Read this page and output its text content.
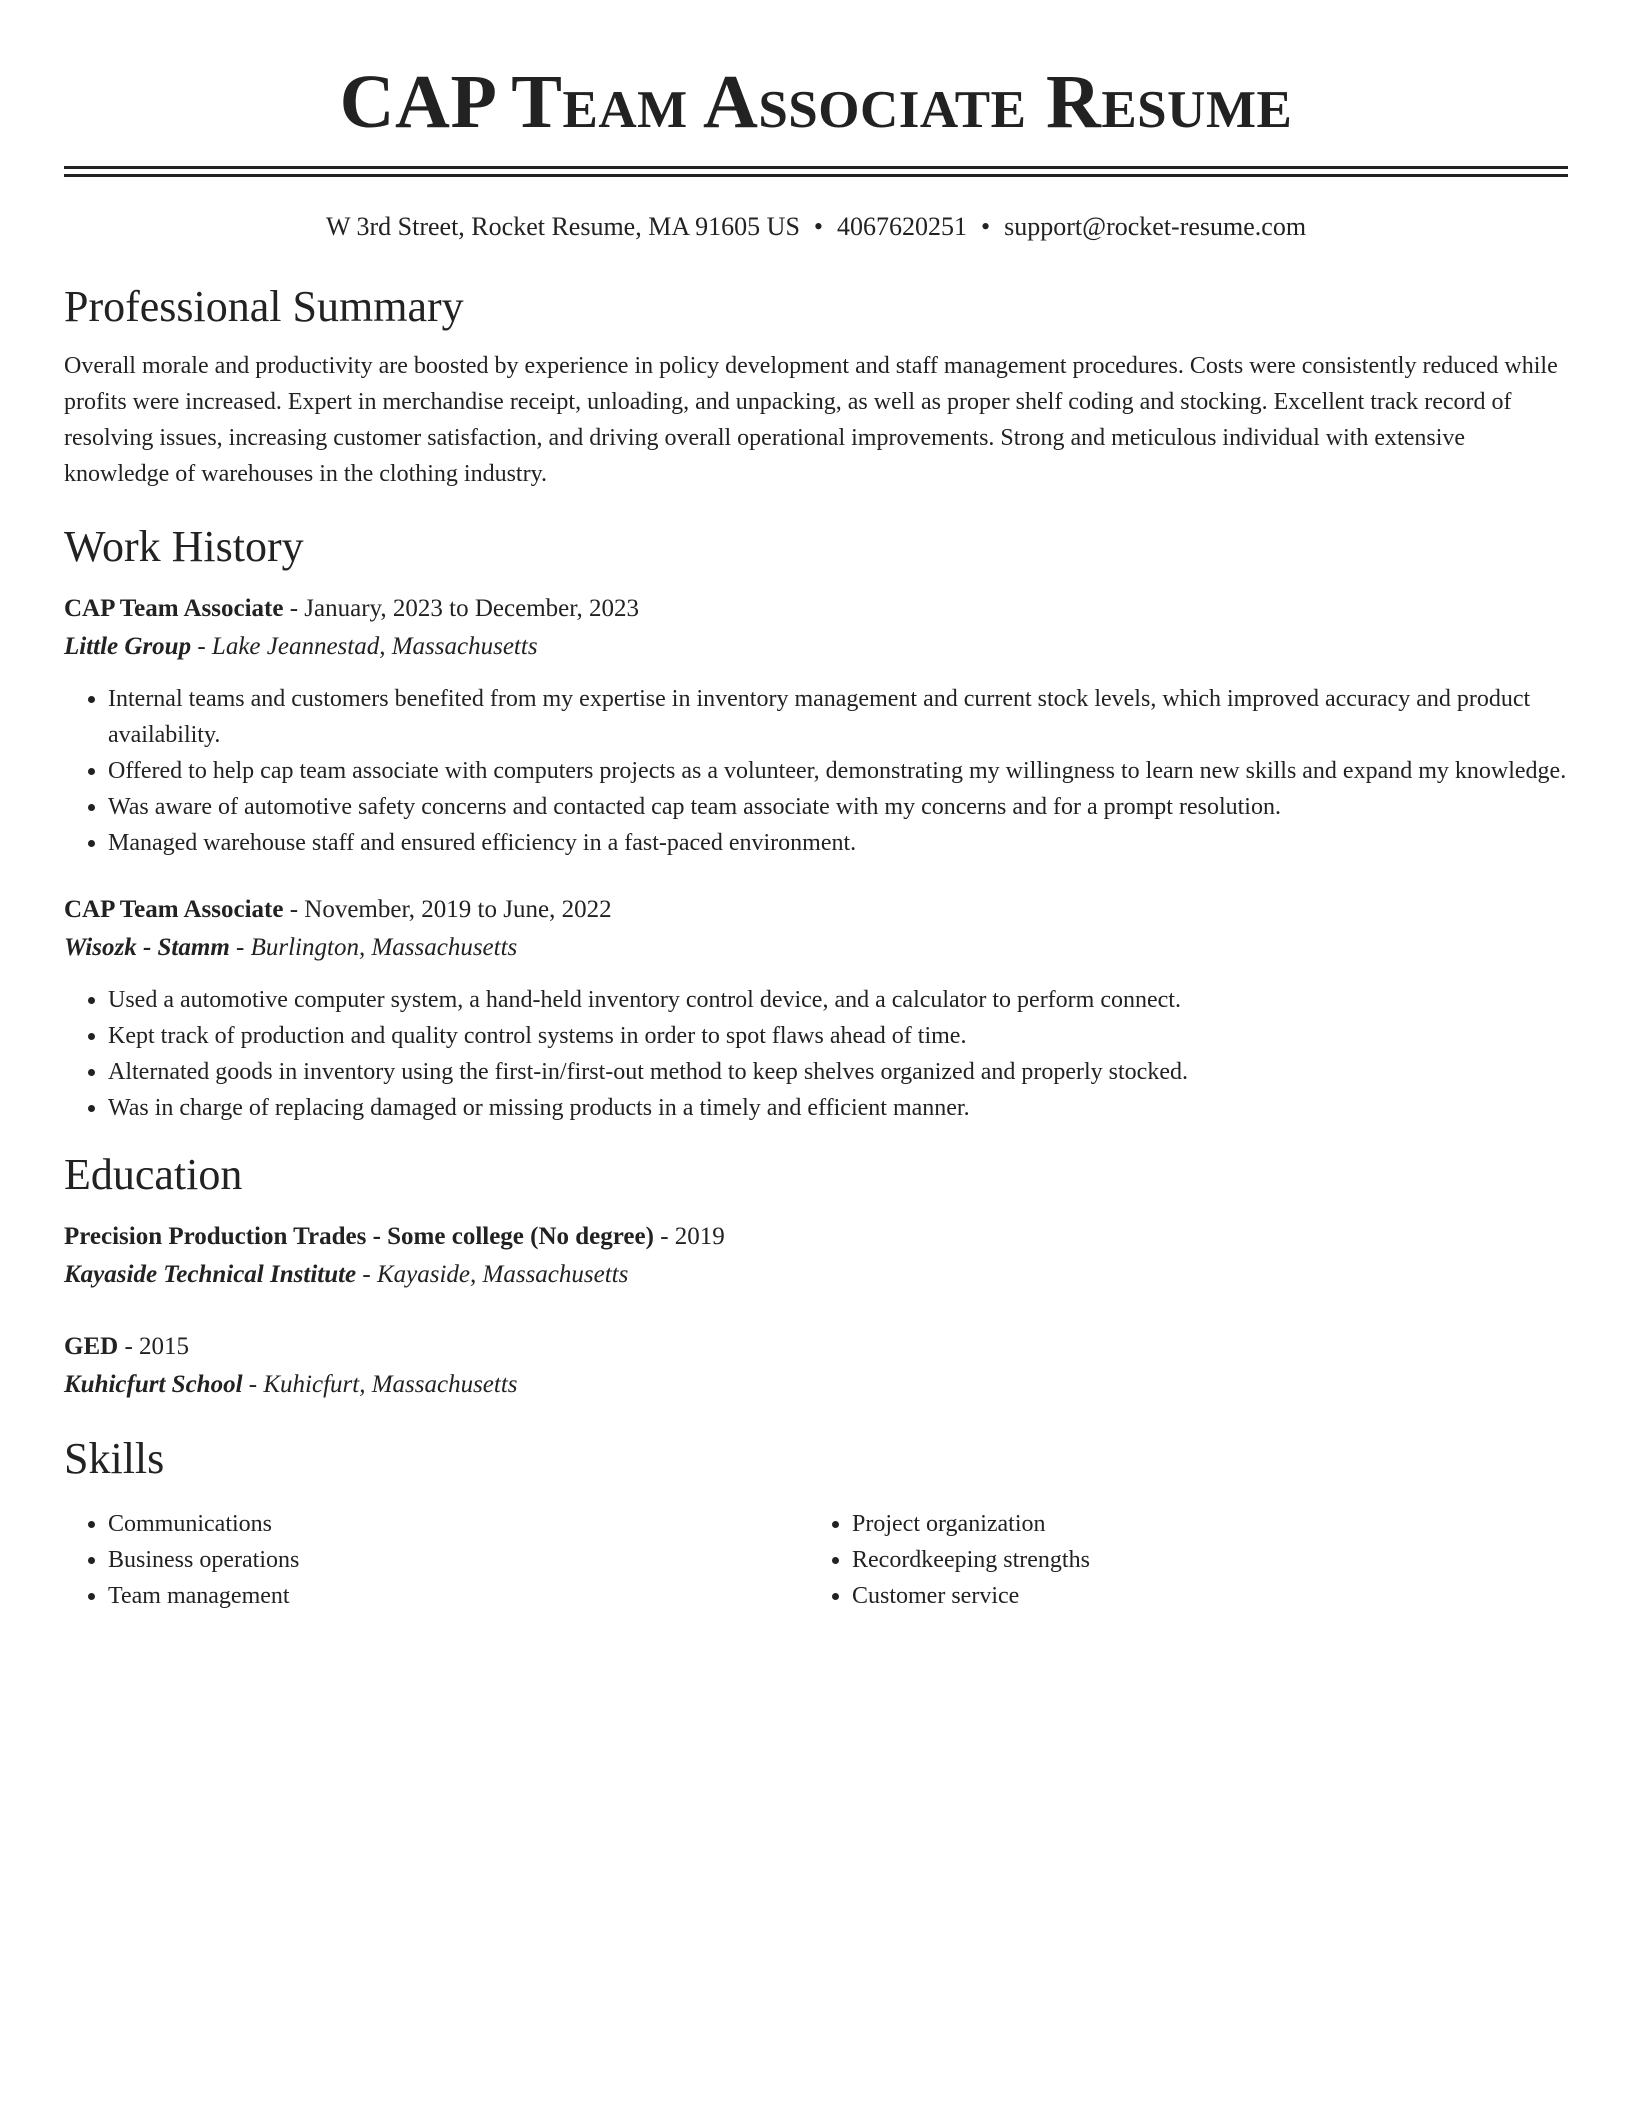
CAP Team Associate Resume
W 3rd Street, Rocket Resume, MA 91605 US • 4067620251 • support@rocket-resume.com
Professional Summary

Overall morale and productivity are boosted by experience in policy development and staff management procedures. Costs were consistently reduced while profits were increased. Expert in merchandise receipt, unloading, and unpacking, as well as proper shelf coding and stocking. Excellent track record of resolving issues, increasing customer satisfaction, and driving overall operational improvements. Strong and meticulous individual with extensive knowledge of warehouses in the clothing industry.

Work History
CAP Team Associate - January, 2023 to December, 2023
Little Group - Lake Jeannestad, Massachusetts
• Internal teams and customers benefited from my expertise in inventory management and current stock levels, which improved accuracy and product availability.
• Offered to help cap team associate with computers projects as a volunteer, demonstrating my willingness to learn new skills and expand my knowledge.
• Was aware of automotive safety concerns and contacted cap team associate with my concerns and for a prompt resolution.
• Managed warehouse staff and ensured efficiency in a fast-paced environment.
CAP Team Associate - November, 2019 to June, 2022
Wisozk - Stamm - Burlington, Massachusetts
• Used a automotive computer system, a hand-held inventory control device, and a calculator to perform connect.
• Kept track of production and quality control systems in order to spot flaws ahead of time.
• Alternated goods in inventory using the first-in/first-out method to keep shelves organized and properly stocked.
• Was in charge of replacing damaged or missing products in a timely and efficient manner.
Education
Precision Production Trades - Some college (No degree) - 2019
Kayaside Technical Institute - Kayaside, Massachusetts
GED - 2015
Kuhicfurt School - Kuhicfurt, Massachusetts
Skills
• Communications
• Business operations
• Team management
• Project organization
• Recordkeeping strengths
• Customer service
